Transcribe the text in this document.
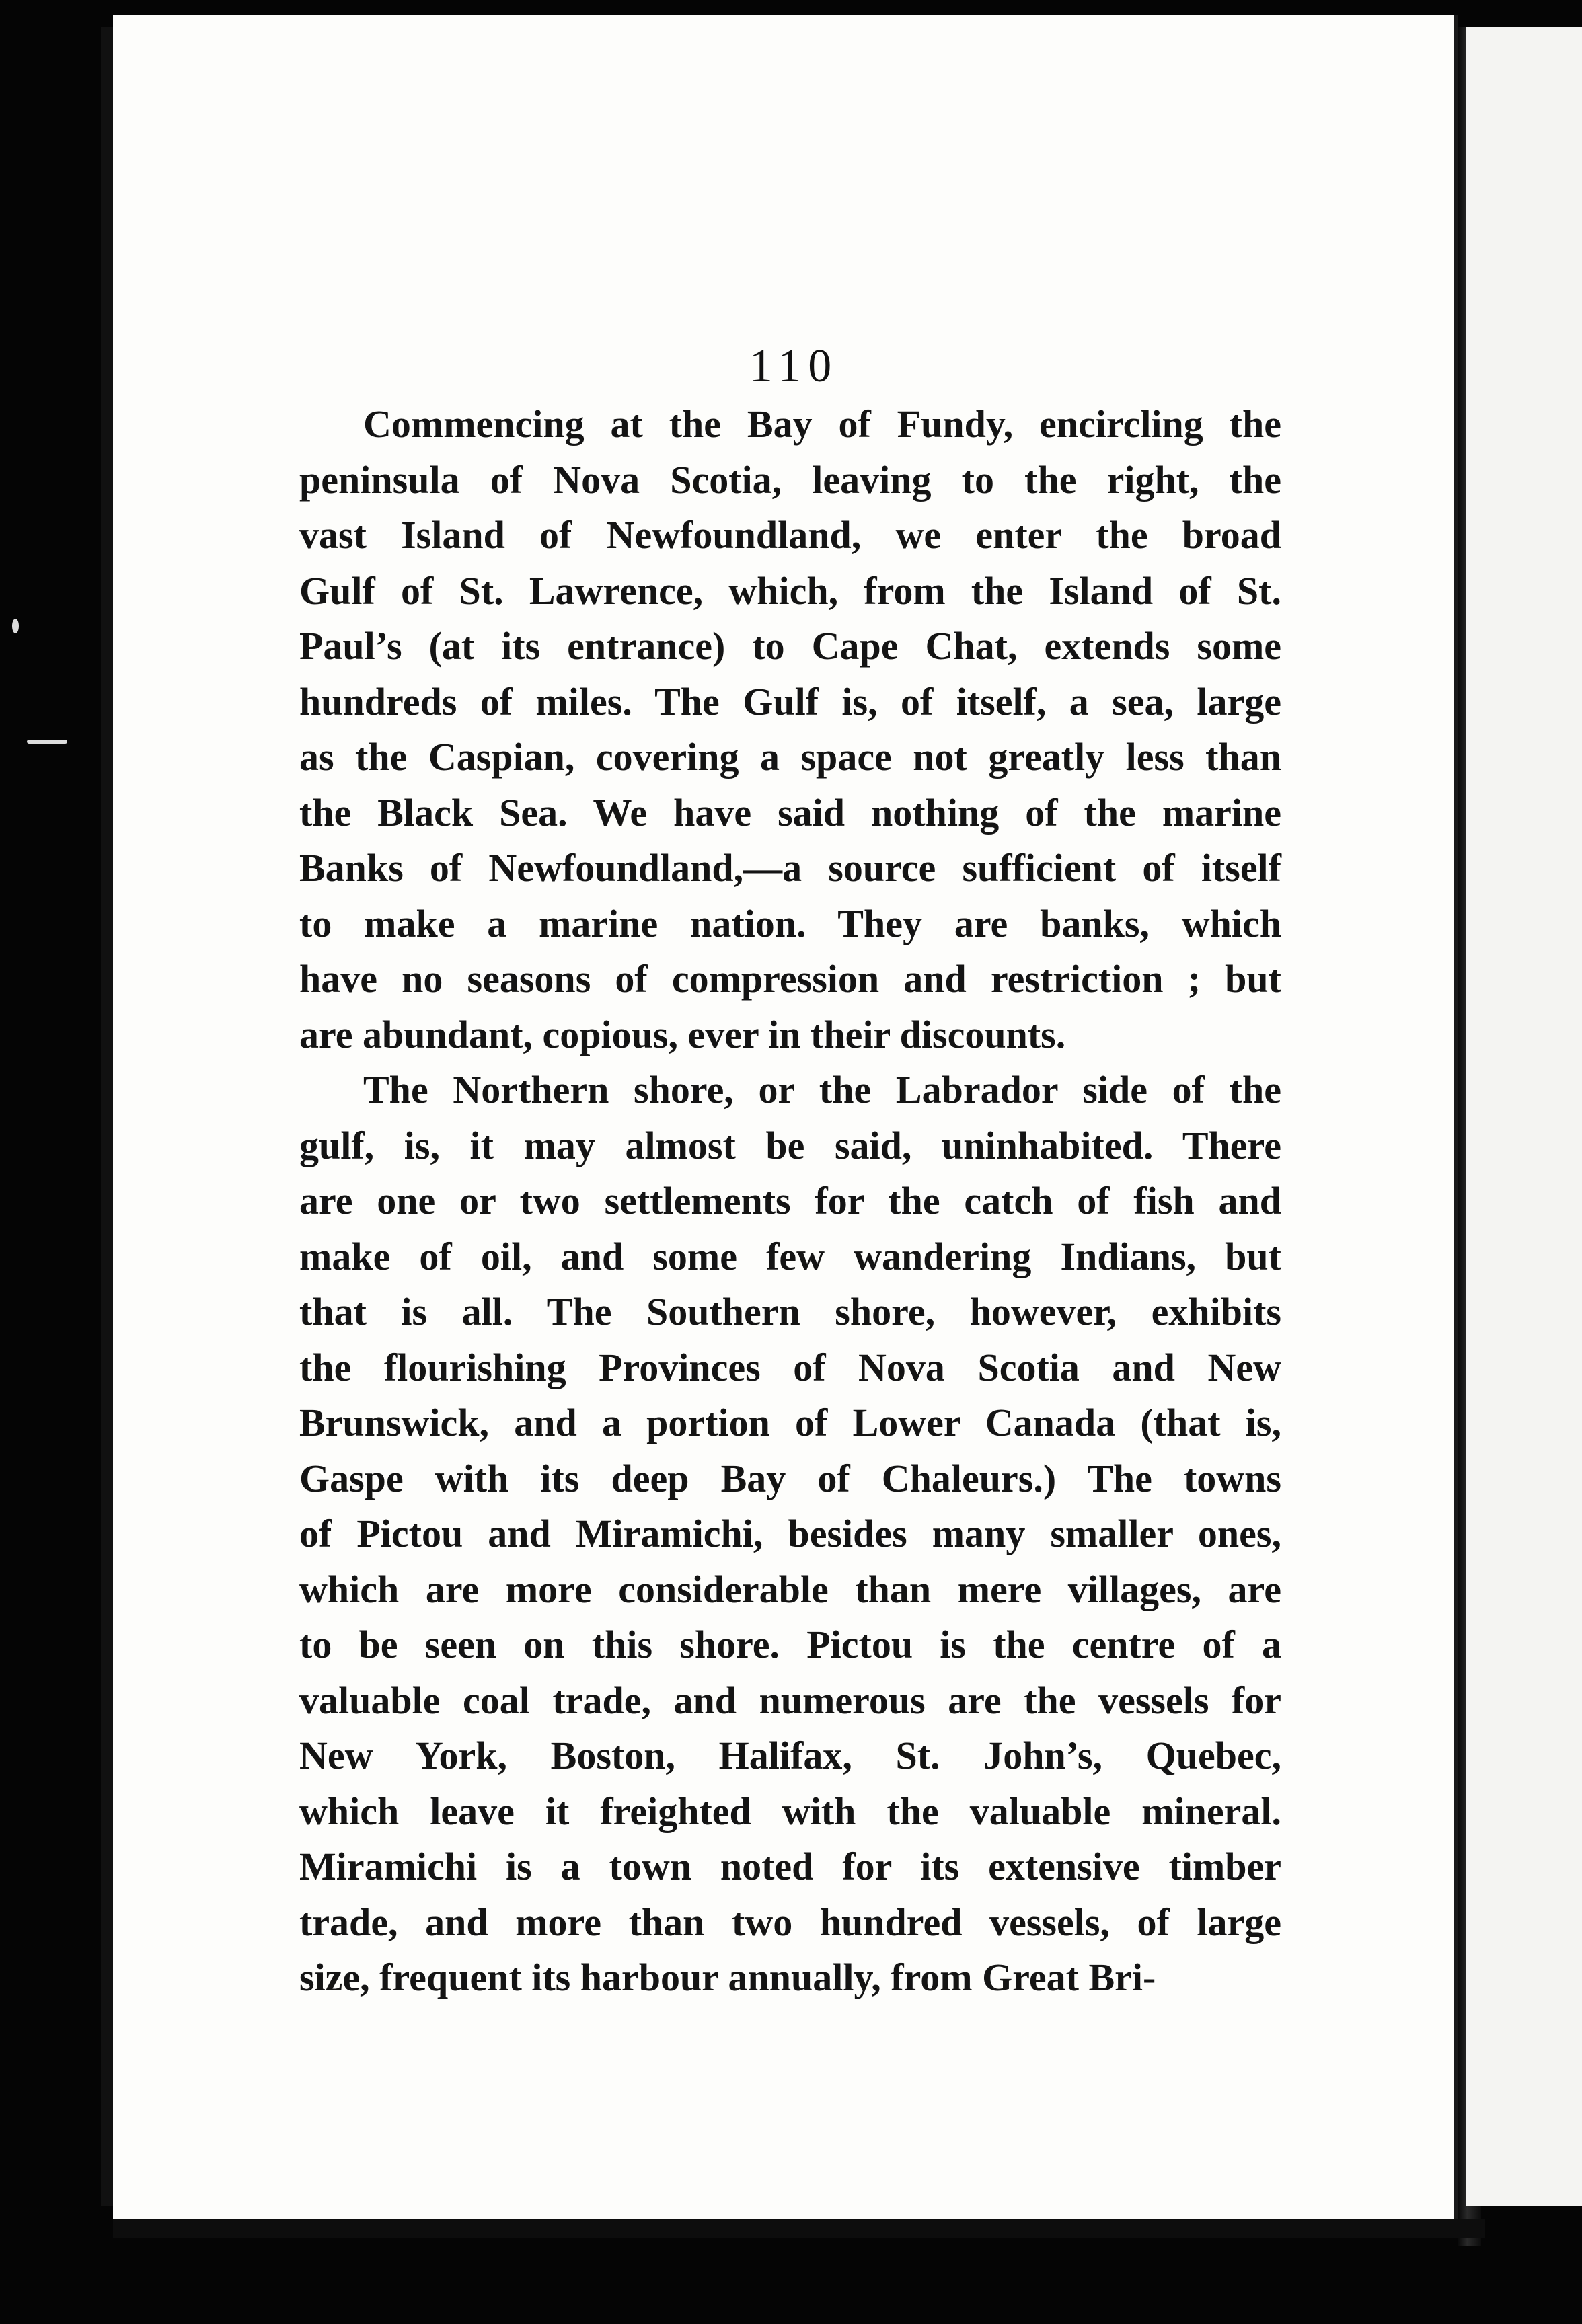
110
Commencing at the Bay of Fundy, encircling the
peninsula of Nova Scotia, leaving to the right, the
vast Island of Newfoundland, we enter the broad
Gulf of St. Lawrence, which, from the Island of St.
Paul’s (at its entrance) to Cape Chat, extends some
hundreds of miles. The Gulf is, of itself, a sea, large
as the Caspian, covering a space not greatly less than
the Black Sea. We have said nothing of the marine
Banks of Newfoundland,—a source sufficient of itself
to make a marine nation. They are banks, which
have no seasons of compression and restriction ; but
are abundant, copious, ever in their discounts.
The Northern shore, or the Labrador side of the
gulf, is, it may almost be said, uninhabited. There
are one or two settlements for the catch of fish and
make of oil, and some few wandering Indians, but
that is all. The Southern shore, however, exhibits
the flourishing Provinces of Nova Scotia and New
Brunswick, and a portion of Lower Canada (that is,
Gaspe with its deep Bay of Chaleurs.) The towns
of Pictou and Miramichi, besides many smaller ones,
which are more considerable than mere villages, are
to be seen on this shore. Pictou is the centre of a
valuable coal trade, and numerous are the vessels for
New York, Boston, Halifax, St. John’s, Quebec,
which leave it freighted with the valuable mineral.
Miramichi is a town noted for its extensive timber
trade, and more than two hundred vessels, of large
size, frequent its harbour annually, from Great Bri-
